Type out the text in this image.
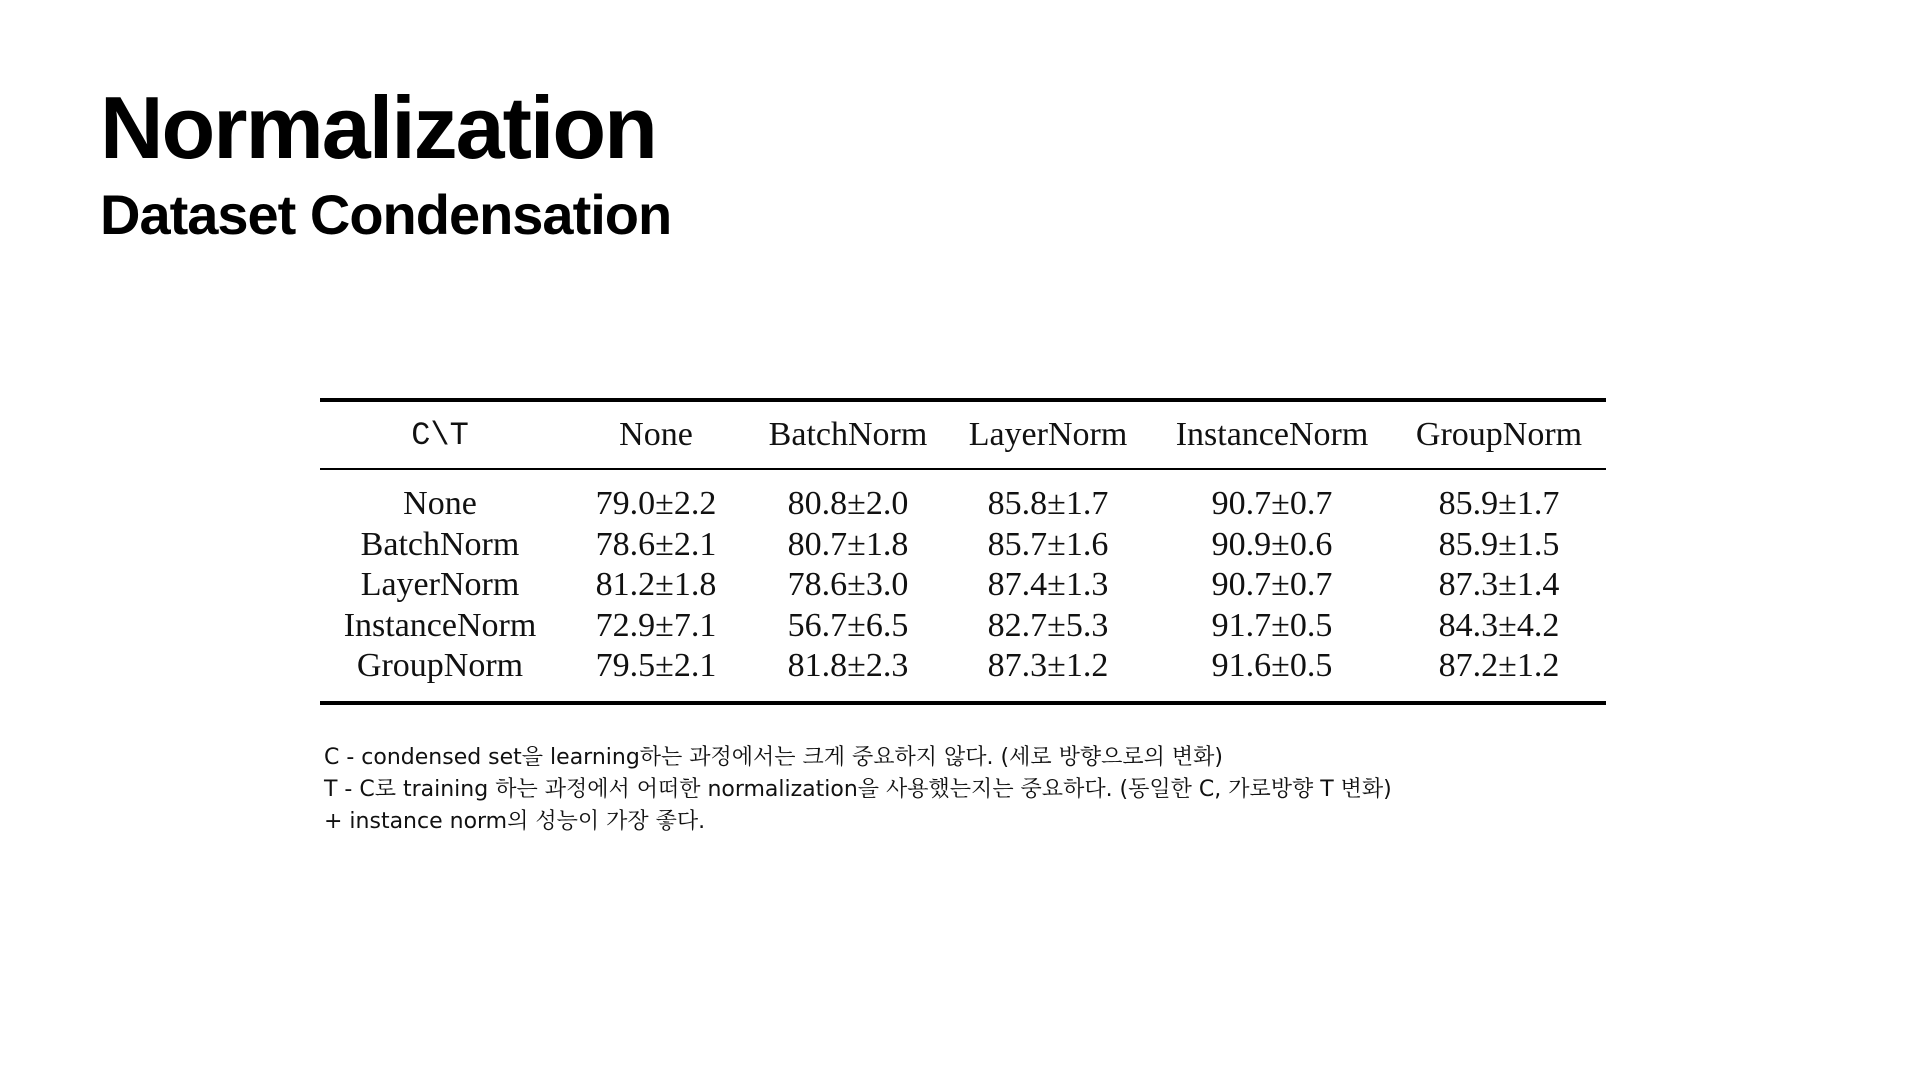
Normalization
Dataset Condensation
C\T	None	BatchNorm	LayerNorm	InstanceNorm	GroupNorm
None	79.0±2.2	80.8±2.0	85.8±1.7	90.7±0.7	85.9±1.7
BatchNorm	78.6±2.1	80.7±1.8	85.7±1.6	90.9±0.6	85.9±1.5
LayerNorm	81.2±1.8	78.6±3.0	87.4±1.3	90.7±0.7	87.3±1.4
InstanceNorm	72.9±7.1	56.7±6.5	82.7±5.3	91.7±0.5	84.3±4.2
GroupNorm	79.5±2.1	81.8±2.3	87.3±1.2	91.6±0.5	87.2±1.2
C - condensed set을 learning하는 과정에서는 크게 중요하지 않다. (세로 방향으로의 변화)
T - C로 training 하는 과정에서 어떠한 normalization을 사용했는지는 중요하다. (동일한 C, 가로방향 T 변화)
+ instance norm의 성능이 가장 좋다.
